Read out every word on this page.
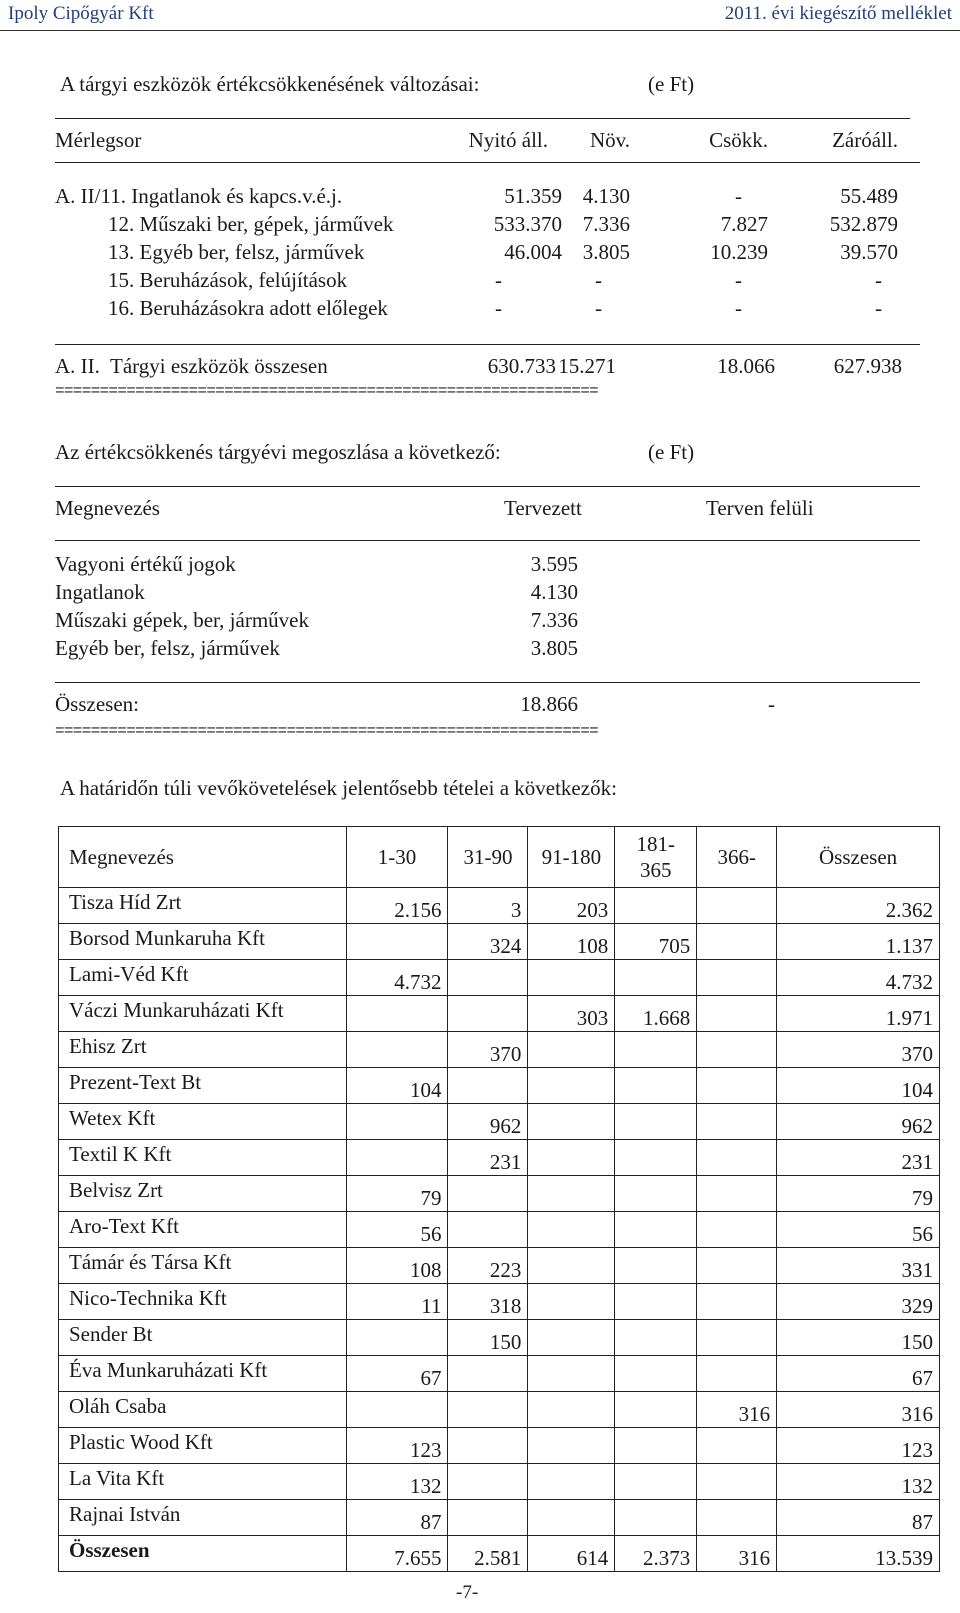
Ipoly Cipőgyár Kft	2011. évi kiegészítő melléklet
A tárgyi eszközök értékcsökkenésének változásai:	(e Ft)
Mérlegsor	Nyitó áll. Növ.	Csökk.	Záróáll.
A. II/11. Ingatlanok és kapcs.v.é.j.	51.359 4.130	-	55.489
12. Műszaki ber, gépek, járművek	533.370 7.336	7.827	532.879
13. Egyéb ber, felsz, járművek	46.004 3.805	10.239	39.570
15. Beruházások, felújítások	-	-	-	-
16. Beruházásokra adott előlegek	-	-	-	-
A. II.  Tárgyi eszközök összesen	630.733 15.271	18.066	627.938
=============================================================
Az értékcsökkenés tárgyévi megoszlása a következő:	(e Ft)
Megnevezés	Tervezett	Terven felüli
Vagyoni értékű jogok	3.595
Ingatlanok	4.130
Műszaki gépek, ber, járművek	7.336
Egyéb ber, felsz, járművek	3.805
Összesen:	18.866	-
=============================================================
A határidőn túli vevőkövetelések jelentősebb tételei a következők:
Megnevezés	1-30	31-90	91-180	181-
365	366-	Összesen
Tisza Híd Zrt	2.156	3	203			2.362
Borsod Munkaruha Kft		324	108	705		1.137
Lami-Véd Kft	4.732					4.732
Váczi Munkaruházati Kft			303	1.668		1.971
Ehisz Zrt		370				370
Prezent-Text Bt	104					104
Wetex Kft		962				962
Textil K Kft		231				231
Belvisz Zrt	79					79
Aro-Text Kft	56					56
Támár és Társa Kft	108	223				331
Nico-Technika Kft	11	318				329
Sender Bt		150				150
Éva Munkaruházati Kft	67					67
Oláh Csaba					316	316
Plastic Wood Kft	123					123
La Vita Kft	132					132
Rajnai István	87					87
Összesen	7.655	2.581	614	2.373	316	13.539
-7-
